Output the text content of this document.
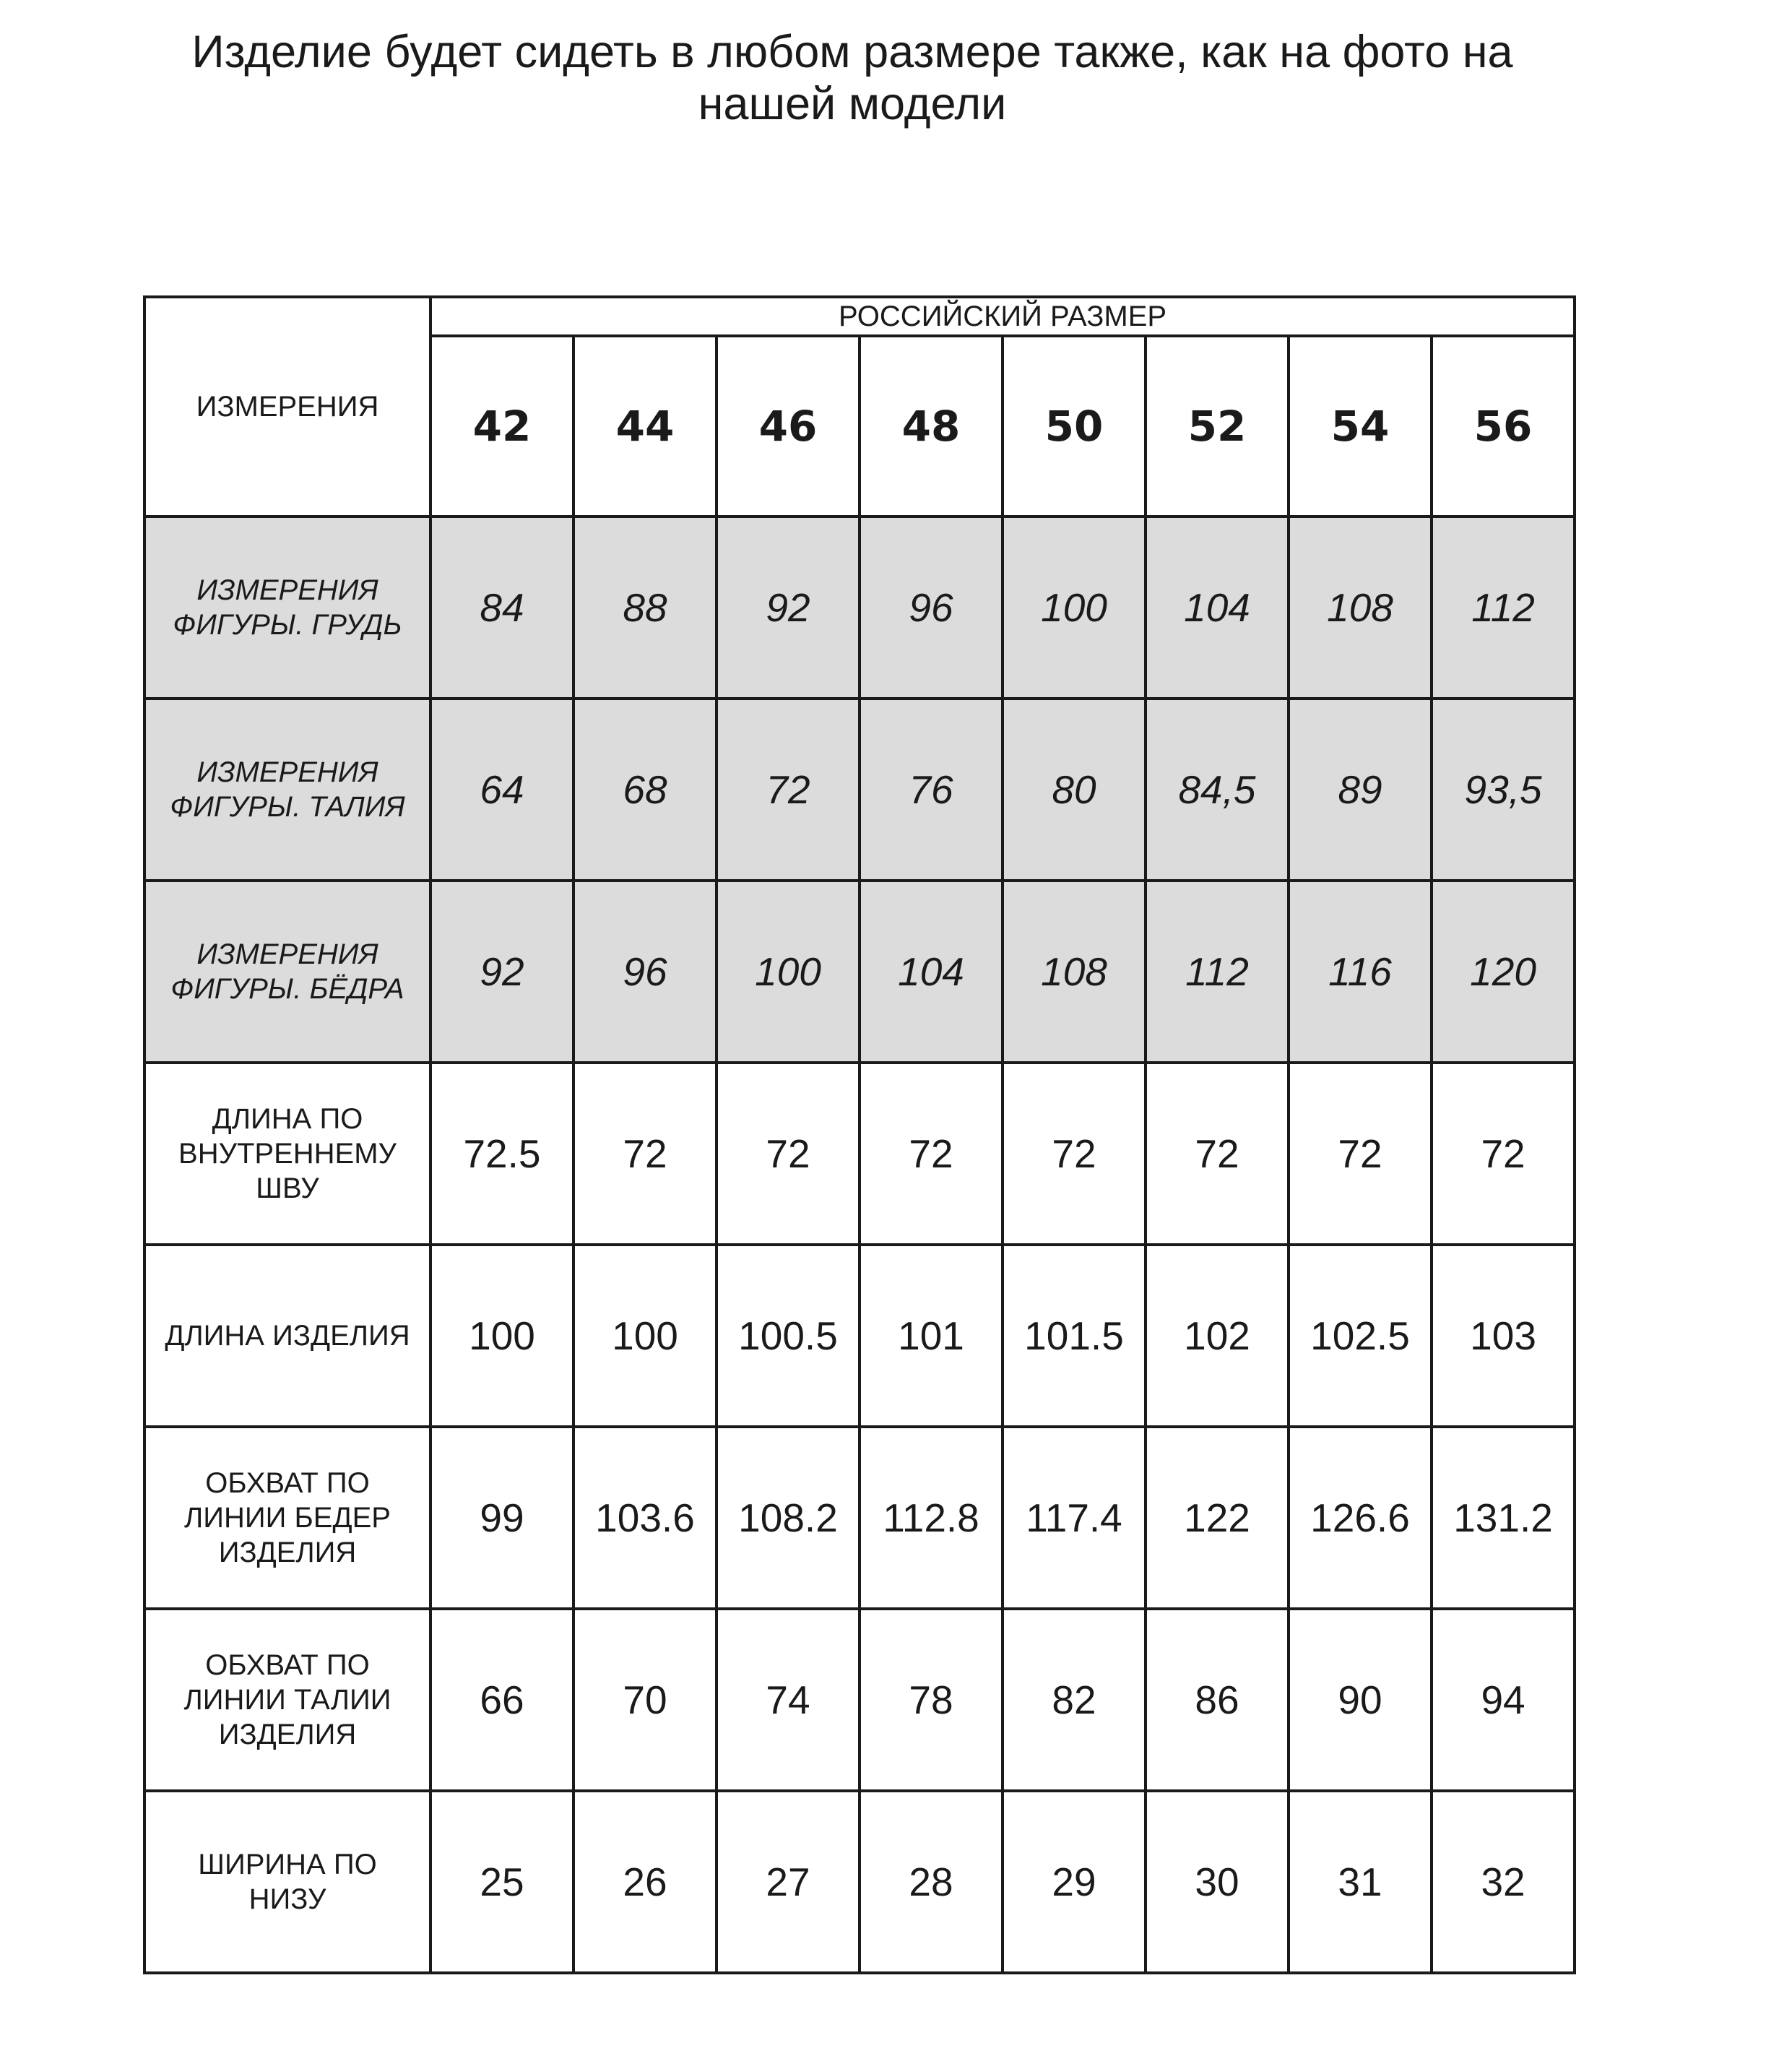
Изделие будет сидеть в любом размере также, как на фото на
нашей модели
ИЗМЕРЕНИЯ	РОССИЙСКИЙ РАЗМЕР							
	42	44	46	48	50	52	54	56

ИЗМЕРЕНИЯ
ФИГУРЫ. ГРУДЬ	84	88	92	96	100	104	108	112

ИЗМЕРЕНИЯ
ФИГУРЫ. ТАЛИЯ	64	68	72	76	80	84,5	89	93,5

ИЗМЕРЕНИЯ
ФИГУРЫ. БЁДРА	92	96	100	104	108	112	116	120

ДЛИНА ПО
ВНУТРЕННЕМУ
ШВУ	72.5	72	72	72	72	72	72	72

ДЛИНА ИЗДЕЛИЯ	100	100	100.5	101	101.5	102	102.5	103

ОБХВАТ ПО
ЛИНИИ БЕДЕР
ИЗДЕЛИЯ	99	103.6	108.2	112.8	117.4	122	126.6	131.2

ОБХВАТ ПО
ЛИНИИ ТАЛИИ
ИЗДЕЛИЯ	66	70	74	78	82	86	90	94

ШИРИНА ПО
НИЗУ	25	26	27	28	29	30	31	32
